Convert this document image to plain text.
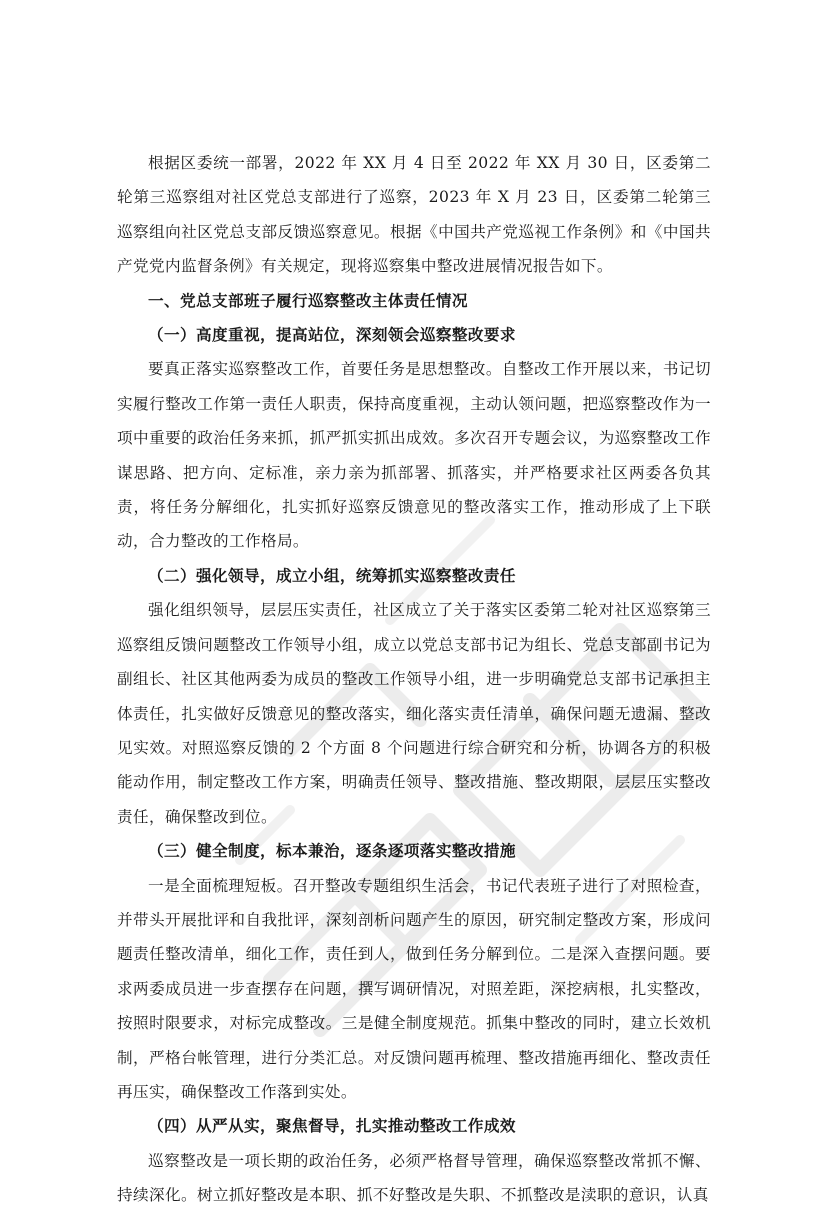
根据区委统一部署，2022 年 XX 月 4 日至 2022 年 XX 月 30 日，区委第二轮第三巡察组对社区党总支部进行了巡察，2023 年 X 月 23 日，区委第二轮第三巡察组向社区党总支部反馈巡察意见。根据《中国共产党巡视工作条例》和《中国共产党党内监督条例》有关规定，现将巡察集中整改进展情况报告如下。

一、党总支部班子履行巡察整改主体责任情况

（一）高度重视，提高站位，深刻领会巡察整改要求

要真正落实巡察整改工作，首要任务是思想整改。自整改工作开展以来，书记切实履行整改工作第一责任人职责，保持高度重视，主动认领问题，把巡察整改作为一项中重要的政治任务来抓，抓严抓实抓出成效。多次召开专题会议，为巡察整改工作谋思路、把方向、定标准，亲力亲为抓部署、抓落实，并严格要求社区两委各负其责，将任务分解细化，扎实抓好巡察反馈意见的整改落实工作，推动形成了上下联动，合力整改的工作格局。

（二）强化领导，成立小组，统筹抓实巡察整改责任

强化组织领导，层层压实责任，社区成立了关于落实区委第二轮对社区巡察第三巡察组反馈问题整改工作领导小组，成立以党总支部书记为组长、党总支部副书记为副组长、社区其他两委为成员的整改工作领导小组，进一步明确党总支部书记承担主体责任，扎实做好反馈意见的整改落实，细化落实责任清单，确保问题无遗漏、整改见实效。对照巡察反馈的 2 个方面 8 个问题进行综合研究和分析，协调各方的积极能动作用，制定整改工作方案，明确责任领导、整改措施、整改期限，层层压实整改责任，确保整改到位。

（三）健全制度，标本兼治，逐条逐项落实整改措施

一是全面梳理短板。召开整改专题组织生活会，书记代表班子进行了对照检查，并带头开展批评和自我批评，深刻剖析问题产生的原因，研究制定整改方案，形成问题责任整改清单，细化工作，责任到人，做到任务分解到位。二是深入查摆问题。要求两委成员进一步查摆存在问题，撰写调研情况，对照差距，深挖病根，扎实整改，按照时限要求，对标完成整改。三是健全制度规范。抓集中整改的同时，建立长效机制，严格台帐管理，进行分类汇总。对反馈问题再梳理、整改措施再细化、整改责任再压实，确保整改工作落到实处。

（四）从严从实，聚焦督导，扎实推动整改工作成效

巡察整改是一项长期的政治任务，必须严格督导管理，确保巡察整改常抓不懈、持续深化。树立抓好整改是本职、抓不好整改是失职、不抓整改是渎职的意识，认真
